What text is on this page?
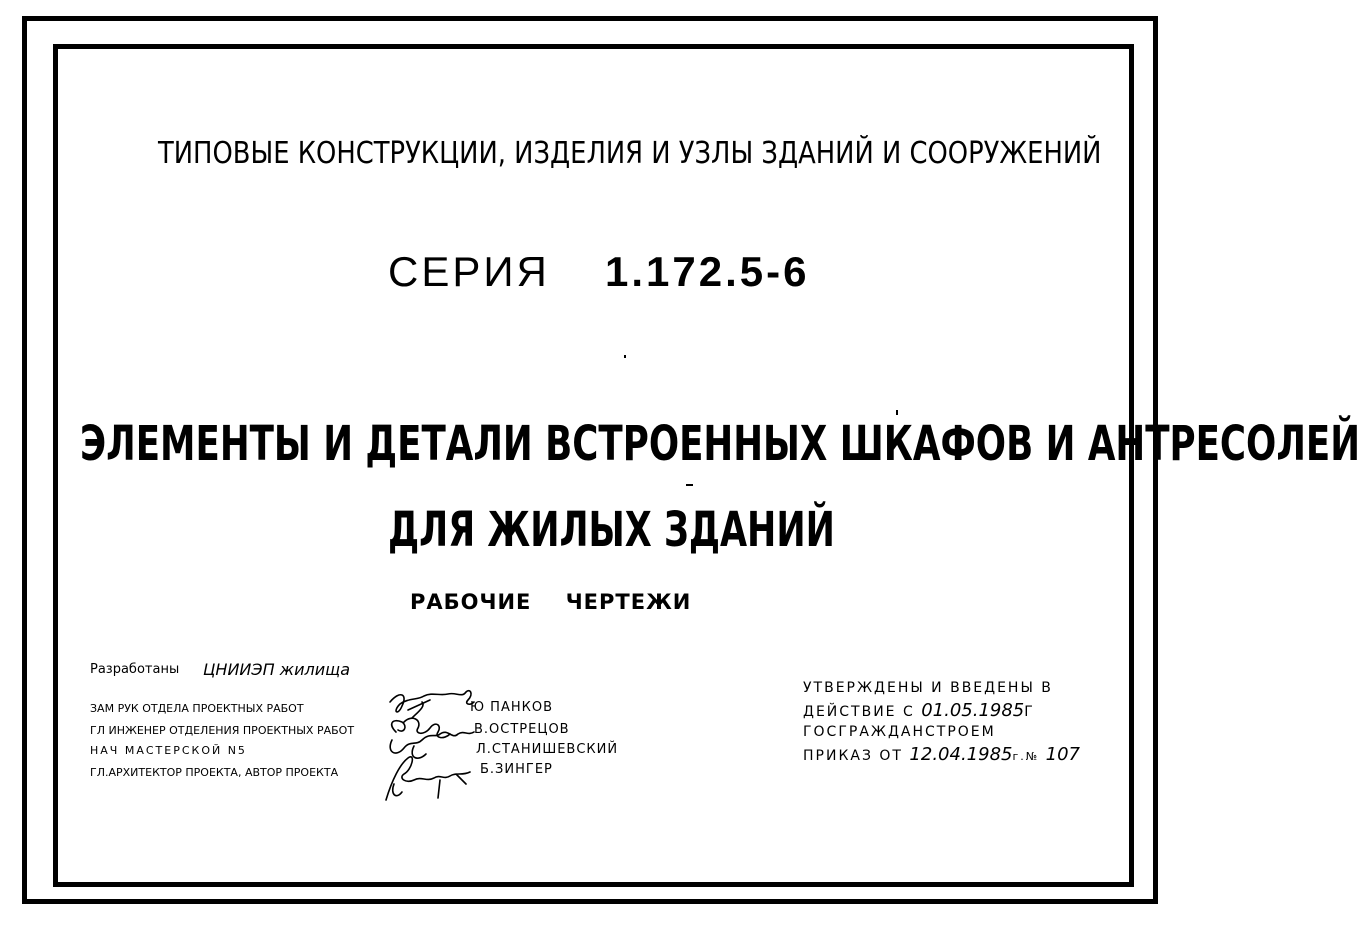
ТИПОВЫЕ КОНСТРУКЦИИ, ИЗДЕЛИЯ И УЗЛЫ ЗДАНИЙ И СООРУЖЕНИЙ
СЕРИЯ 1.172.5-6
ЭЛЕМЕНТЫ И ДЕТАЛИ ВСТРОЕННЫХ ШКАФОВ И АНТРЕСОЛЕЙ
ДЛЯ ЖИЛЫХ ЗДАНИЙ
РАБОЧИЕ ЧЕРТЕЖИ
Разработаны ЦНИИЭП жилища
ЗАМ РУК ОТДЕЛА ПРОЕКТНЫХ РАБОТ	Ю ПАНКОВ
ГЛ ИНЖЕНЕР ОТДЕЛЕНИЯ ПРОЕКТНЫХ РАБОТ	В.ОСТРЕЦОВ
НАЧ МАСТЕРСКОЙ N5	Л.СТАНИШЕВСКИЙ
ГЛ.АРХИТЕКТОР ПРОЕКТА, АВТОР ПРОЕКТА	Б.ЗИНГЕР
УТВЕРЖДЕНЫ И ВВЕДЕНЫ В
ДЕЙСТВИЕ С 01.05.1985Г
ГОСГРАЖДАНСТРОЕМ
ПРИКАЗ ОТ 12.04.1985г.№ 107
